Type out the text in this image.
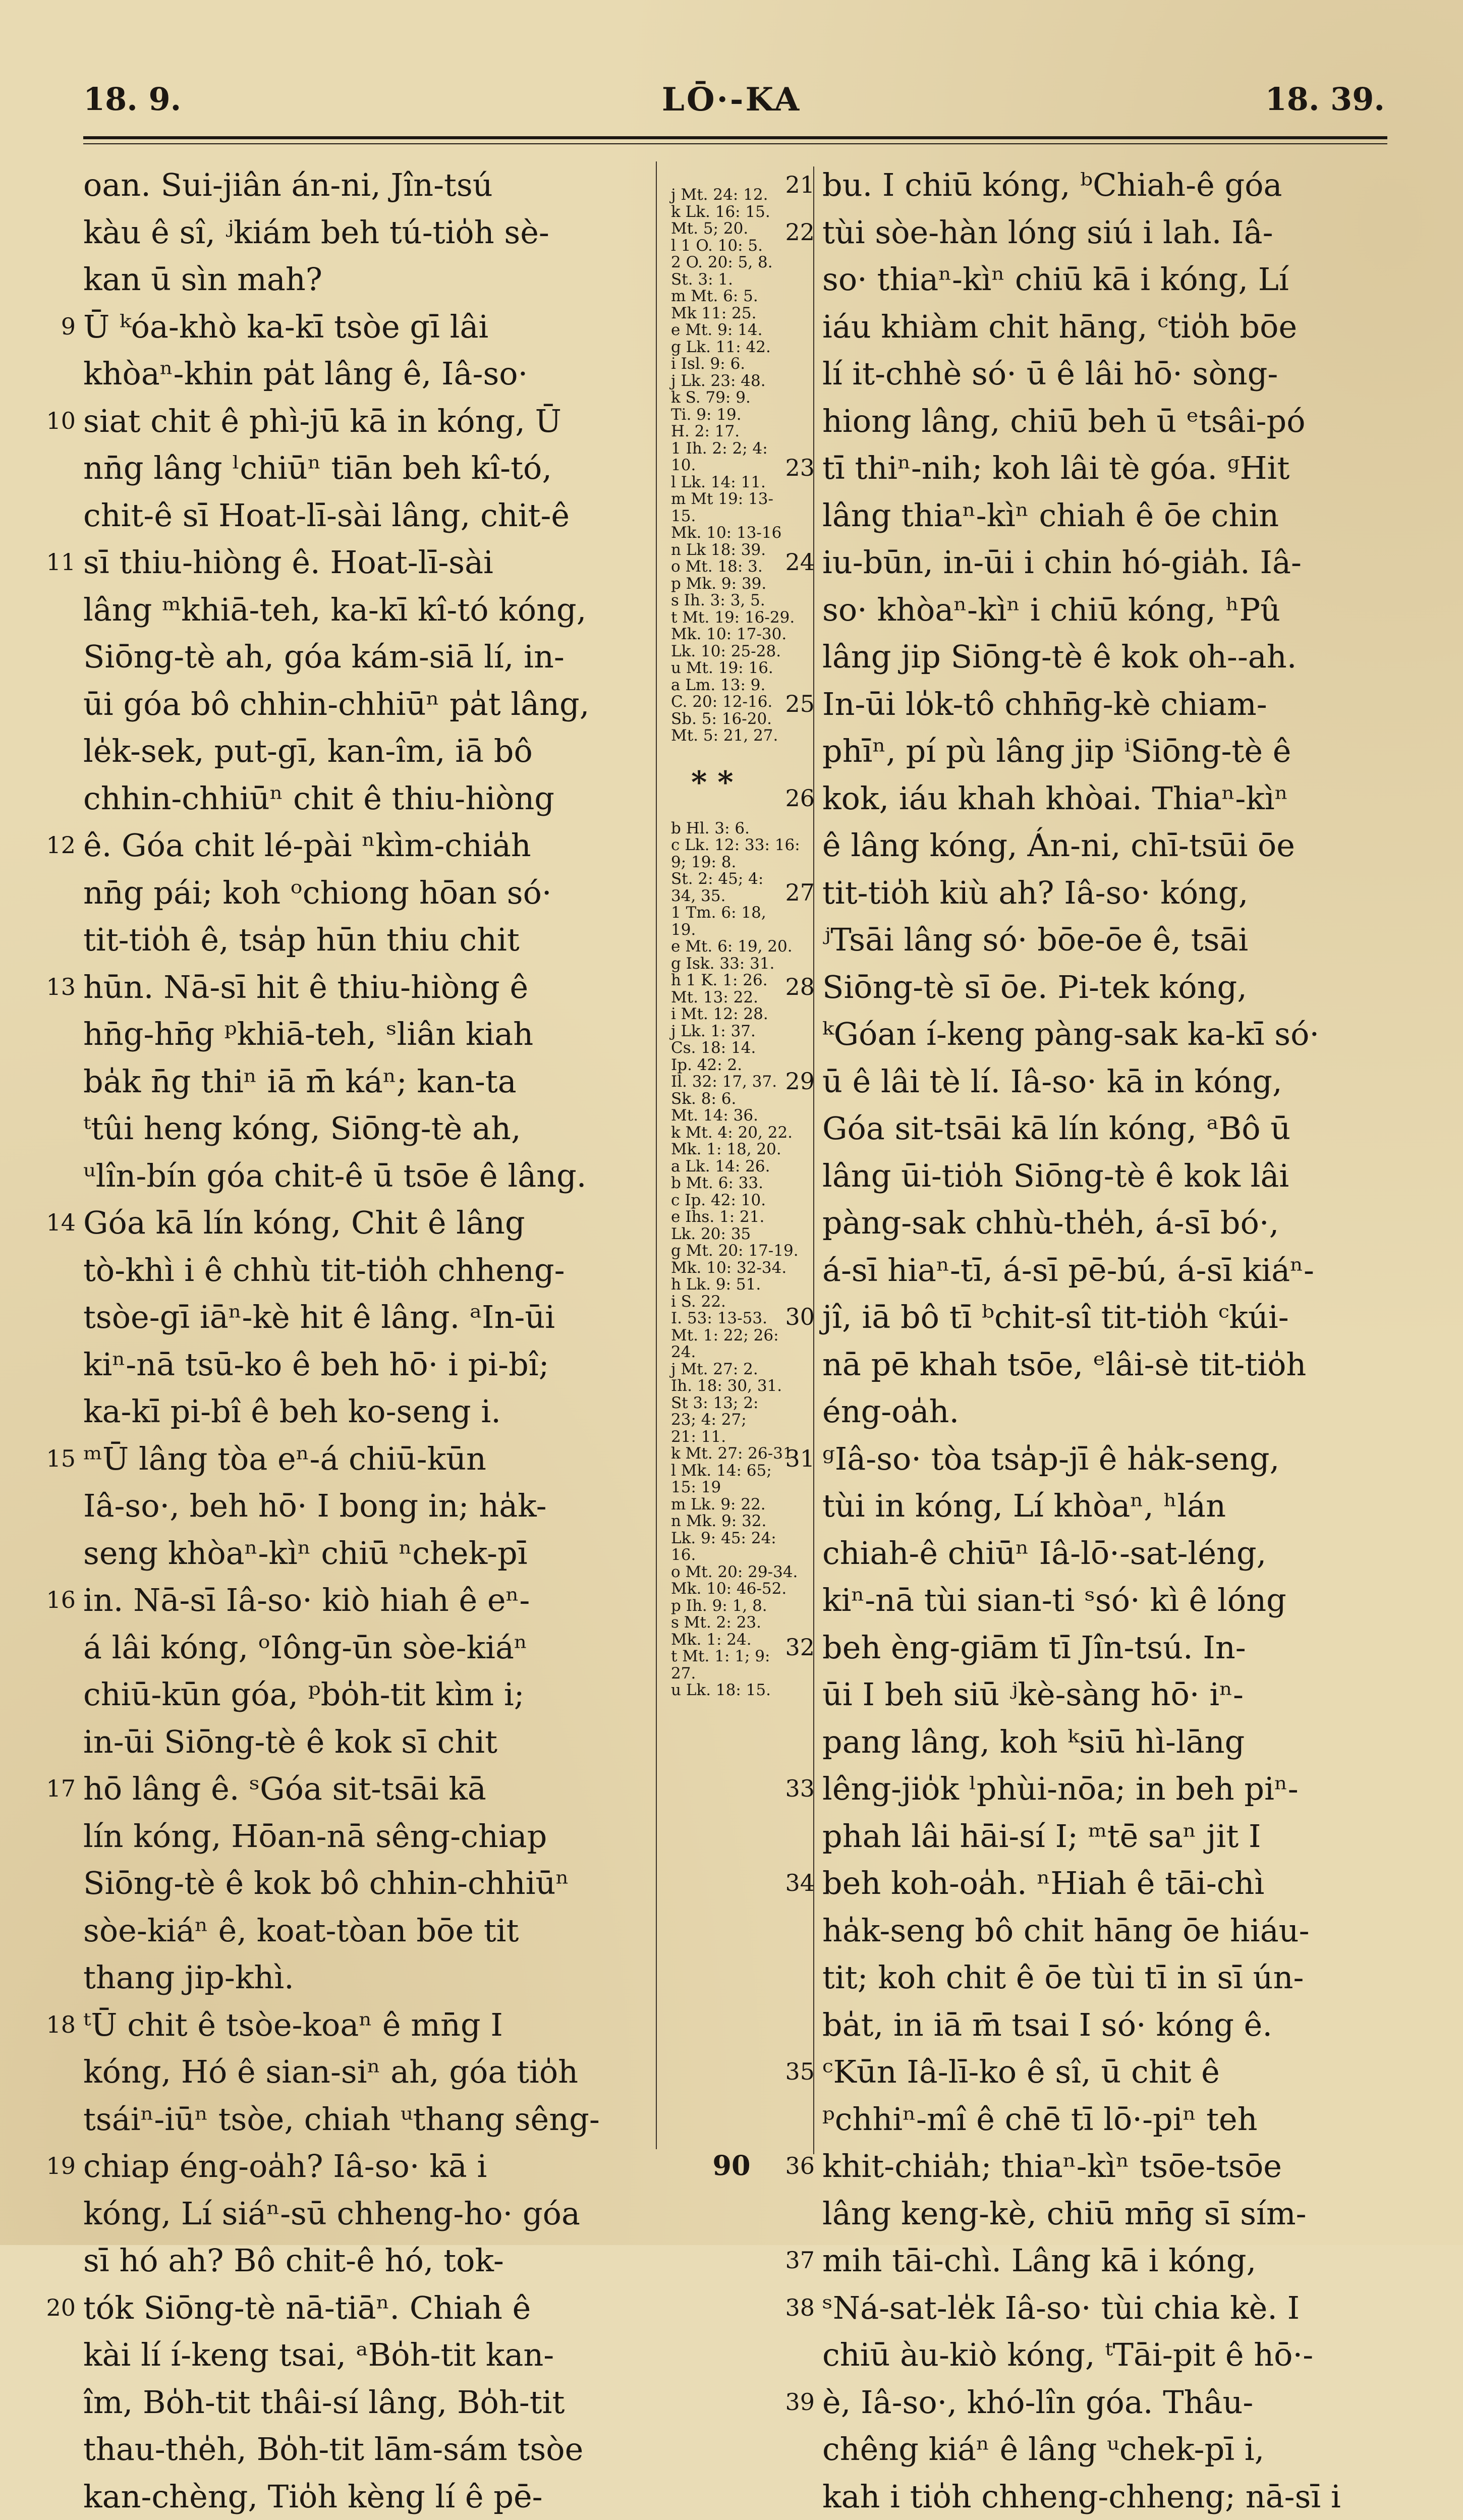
18. 9.	LŌ·-KA	18. 39.
oan. Sui-jiân án-ni, Jîn-tsú
kàu ê sî, ʲkiám beh tú-tio̍h sè-
kan ū sìn mah?
9 Ū ᵏóa-khò ka-kī tsòe gī lâi
khòaⁿ-khin pa̍t lâng ê, Iâ-so·
10 siat chit ê phì-jū kā in kóng, Ū
nn̄g lâng ˡchiūⁿ tiān beh kî-tó,
chit-ê sī Hoat-lī-sài lâng, chit-ê
11 sī thiu-hiòng ê. Hoat-lī-sài
lâng ᵐkhiā-teh, ka-kī kî-tó kóng,
Siōng-tè ah, góa kám-siā lí, in-
ūi góa bô chhin-chhiūⁿ pa̍t lâng,
le̍k-sek, put-gī, kan-îm, iā bô
chhin-chhiūⁿ chit ê thiu-hiòng
12 ê. Góa chit lé-pài ⁿkìm-chia̍h
nn̄g pái; koh ᵒchiong hōan só·
tit-tio̍h ê, tsa̍p hūn thiu chit
13 hūn. Nā-sī hit ê thiu-hiòng ê
hn̄g-hn̄g ᵖkhiā-teh, ˢliân kiah
ba̍k n̄g thiⁿ iā m̄ káⁿ; kan-ta
ᵗtûi heng kóng, Siōng-tè ah,
ᵘlîn-bín góa chit-ê ū tsōe ê lâng.
14 Góa kā lín kóng, Chit ê lâng
tò-khì i ê chhù tit-tio̍h chheng-
tsòe-gī iāⁿ-kè hit ê lâng. ᵃIn-ūi
kiⁿ-nā tsū-ko ê beh hō· i pi-bî;
ka-kī pi-bî ê beh ko-seng i.
15 ᵐŪ lâng tòa eⁿ-á chiū-kūn
Iâ-so·, beh hō· I bong in; ha̍k-
seng khòaⁿ-kìⁿ chiū ⁿchek-pī
16 in. Nā-sī Iâ-so· kiò hiah ê eⁿ-
á lâi kóng, ᵒIông-ūn sòe-kiáⁿ
chiū-kūn góa, ᵖbo̍h-tit kìm i;
in-ūi Siōng-tè ê kok sī chit
17 hō lâng ê. ˢGóa sit-tsāi kā
lín kóng, Hōan-nā sêng-chiap
Siōng-tè ê kok bô chhin-chhiūⁿ
sòe-kiáⁿ ê, koat-tòan bōe tit
thang jip-khì.
18 ᵗŪ chit ê tsòe-koaⁿ ê mn̄g I
kóng, Hó ê sian-siⁿ ah, góa tio̍h
tsáiⁿ-iūⁿ tsòe, chiah ᵘthang sêng-
19 chiap éng-oa̍h? Iâ-so· kā i
kóng, Lí siáⁿ-sū chheng-ho· góa
sī hó ah? Bô chit-ê hó, tok-
20 tók Siōng-tè nā-tiāⁿ. Chiah ê
kài lí í-keng tsai, ᵃBo̍h-tit kan-
îm, Bo̍h-tit thâi-sí lâng, Bo̍h-tit
thau-the̍h, Bo̍h-tit lām-sám tsòe
kan-chèng, Tio̍h kèng lí ê pē-
j Mt. 24: 12.
k Lk. 16: 15.
Mt. 5; 20.
l 1 O. 10: 5.
2 O. 20: 5, 8.
St. 3: 1.
m Mt. 6: 5.
Mk 11: 25.
e Mt. 9: 14.
g Lk. 11: 42.
i Isl. 9: 6.
j Lk. 23: 48.
k S. 79: 9.
Ti. 9: 19.
H. 2: 17.
1 Ih. 2: 2; 4:
10.
l Lk. 14: 11.
m Mt 19: 13-
15.
Mk. 10: 13-16
n Lk 18: 39.
o Mt. 18: 3.
p Mk. 9: 39.
s Ih. 3: 3, 5.
t Mt. 19: 16-29.
Mk. 10: 17-30.
Lk. 10: 25-28.
u Mt. 19: 16.
a Lm. 13: 9.
C. 20: 12-16.
Sb. 5: 16-20.
Mt. 5: 21, 27.
* *
b Hl. 3: 6.
c Lk. 12: 33: 16:
9; 19: 8.
St. 2: 45; 4:
34, 35.
1 Tm. 6: 18,
19.
e Mt. 6: 19, 20.
g Isk. 33: 31.
h 1 K. 1: 26.
Mt. 13: 22.
i Mt. 12: 28.
j Lk. 1: 37.
Cs. 18: 14.
Ip. 42: 2.
Il. 32: 17, 37.
Sk. 8: 6.
Mt. 14: 36.
k Mt. 4: 20, 22.
Mk. 1: 18, 20.
a Lk. 14: 26.
b Mt. 6: 33.
c Ip. 42: 10.
e Ihs. 1: 21.
Lk. 20: 35
g Mt. 20: 17-19.
Mk. 10: 32-34.
h Lk. 9: 51.
i S. 22.
I. 53: 13-53.
Mt. 1: 22; 26:
24.
j Mt. 27: 2.
Ih. 18: 30, 31.
St 3: 13; 2:
23; 4: 27;
21: 11.
k Mt. 27: 26-31.
l Mk. 14: 65;
15: 19
m Lk. 9: 22.
n Mk. 9: 32.
Lk. 9: 45: 24:
16.
o Mt. 20: 29-34.
Mk. 10: 46-52.
p Ih. 9: 1, 8.
s Mt. 2: 23.
Mk. 1: 24.
t Mt. 1: 1; 9:
27.
u Lk. 18: 15.
21 bu. I chiū kóng, ᵇChiah-ê góa
22 tùi sòe-hàn lóng siú i lah. Iâ-
so· thiaⁿ-kìⁿ chiū kā i kóng, Lí
iáu khiàm chit hāng, ᶜtio̍h bōe
lí it-chhè só· ū ê lâi hō· sòng-
hiong lâng, chiū beh ū ᵉtsâi-pó
23 tī thiⁿ-nih; koh lâi tè góa. ᵍHit
lâng thiaⁿ-kìⁿ chiah ê ōe chin
24 iu-būn, in-ūi i chin hó-gia̍h. Iâ-
so· khòaⁿ-kìⁿ i chiū kóng, ʰPû
lâng jip Siōng-tè ê kok oh--ah.
25 In-ūi lo̍k-tô chhn̄g-kè chiam-
phīⁿ, pí pù lâng jip ⁱSiōng-tè ê
26 kok, iáu khah khòai. Thiaⁿ-kìⁿ
ê lâng kóng, Án-ni, chī-tsūi ōe
27 tit-tio̍h kiù ah? Iâ-so· kóng,
ʲTsāi lâng só· bōe-ōe ê, tsāi
28 Siōng-tè sī ōe. Pi-tek kóng,
ᵏGóan í-keng pàng-sak ka-kī só·
29 ū ê lâi tè lí. Iâ-so· kā in kóng,
Góa sit-tsāi kā lín kóng, ᵃBô ū
lâng ūi-tio̍h Siōng-tè ê kok lâi
pàng-sak chhù-the̍h, á-sī bó·,
á-sī hiaⁿ-tī, á-sī pē-bú, á-sī kiáⁿ-
30 jî, iā bô tī ᵇchit-sî tit-tio̍h ᶜkúi-
nā pē khah tsōe, ᵉlâi-sè tit-tio̍h
éng-oa̍h.
31 ᵍIâ-so· tòa tsa̍p-jī ê ha̍k-seng,
tùi in kóng, Lí khòaⁿ, ʰlán
chiah-ê chiūⁿ Iâ-lō·-sat-léng,
kiⁿ-nā tùi sian-ti ˢsó· kì ê lóng
32 beh èng-giām tī Jîn-tsú. In-
ūi I beh siū ʲkè-sàng hō· iⁿ-
pang lâng, koh ᵏsiū hì-lāng
33 lêng-jio̍k ˡphùi-nōa; in beh piⁿ-
phah lâi hāi-sí I; ᵐtē saⁿ jit I
34 beh koh-oa̍h. ⁿHiah ê tāi-chì
ha̍k-seng bô chit hāng ōe hiáu-
tit; koh chit ê ōe tùi tī in sī ún-
ba̍t, in iā m̄ tsai I só· kóng ê.
35 ᶜKūn Iâ-lī-ko ê sî, ū chit ê
ᵖchhiⁿ-mî ê chē tī lō·-piⁿ teh
36 khit-chia̍h; thiaⁿ-kìⁿ tsōe-tsōe
lâng keng-kè, chiū mn̄g sī sím-
37 mih tāi-chì. Lâng kā i kóng,
38 ˢNá-sat-le̍k Iâ-so· tùi chia kè. I
chiū àu-kiò kóng, ᵗTāi-pit ê hō·-
39 è, Iâ-so·, khó-lîn góa. Thâu-
chêng kiáⁿ ê lâng ᵘchek-pī i,
kah i tio̍h chheng-chheng; nā-sī i
90
